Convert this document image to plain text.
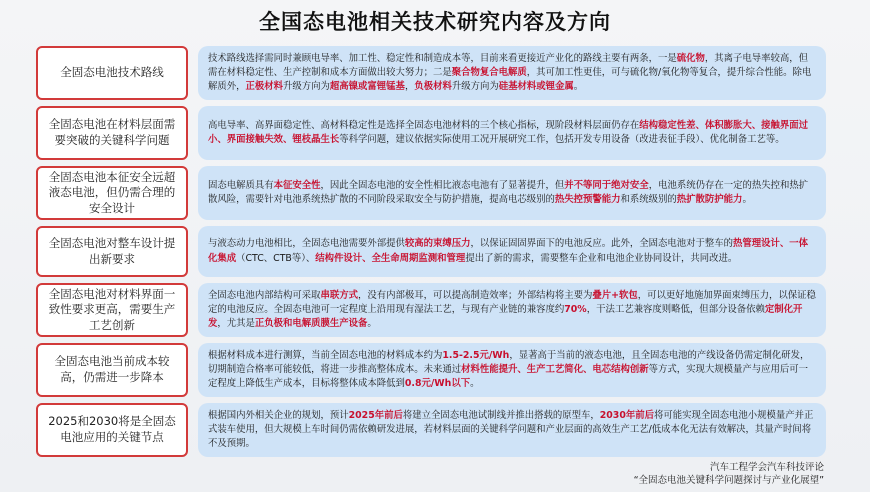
全国态电池相关技术研究内容及方向
全固态电池技术路线

技术路线选择需同时兼顾电导率、加工性、稳定性和制造成本等，目前来看更接近产业化的路线主要有两条，一是硫化物，其离子电导率较高，但需在材料稳定性、生产控制和成本方面做出较大努力；二是聚合物复合电解质，其可加工性更佳，可与硫化物/氧化物等复合，提升综合性能。除电解质外，正极材料升级方向为超高镍或富锂锰基，负极材料升级方向为硅基材料或锂金属。

全固态电池在材料层面需要突破的关键科学问题

高电导率、高界面稳定性、高材料稳定性是选择全固态电池材料的三个核心指标，现阶段材料层面仍存在结构稳定性差、体积膨胀大、接触界面过小、界面接触失效、锂枝晶生长等科学问题，建议依据实际使用工况开展研究工作，包括开发专用设备（改进表征手段）、优化制备工艺等。

全固态电池本征安全远超液态电池，但仍需合理的安全设计

固态电解质具有本征安全性，因此全固态电池的安全性相比液态电池有了显著提升，但并不等同于绝对安全，电池系统仍存在一定的热失控和热扩散风险，需要针对电池系统热扩散的不同阶段采取安全与防护措施，提高电芯级别的热失控预警能力和系统级别的热扩散防护能力。

全固态电池对整车设计提出新要求

与液态动力电池相比，全固态电池需要外部提供较高的束缚压力，以保证固固界面下的电池反应。此外，全固态电池对于整车的热管理设计、一体化集成（CTC、CTB等）、结构件设计、全生命周期监测和管理提出了新的需求，需要整车企业和电池企业协同设计，共同改进。

全固态电池对材料界面一致性要求更高，需要生产工艺创新

全固态电池内部结构可采取串联方式，没有内部极耳，可以提高制造效率；外部结构将主要为叠片+软包，可以更好地施加界面束缚压力，以保证稳定的电池反应。全固态电池可一定程度上沿用现有湿法工艺，与现有产业链的兼容度约70%，干法工艺兼容度则略低，但部分设备依赖定制化开发，尤其是正负极和电解质膜生产设备。

全固态电池当前成本较高，仍需进一步降本

根据材料成本进行测算，当前全固态电池的材料成本约为1.5-2.5元/Wh，显著高于当前的液态电池，且全固态电池的产线设备仍需定制化研发，切期制造合格率可能较低，将进一步推高整体成本。未来通过材料性能提升、生产工艺简化、电芯结构创新等方式，实现大规模量产与应用后可一定程度上降低生产成本，目标将整体成本降低到0.8元/Wh以下。

2025和2030将是全固态电池应用的关键节点

根据国内外相关企业的规划，预计2025年前后将建立全固态电池试制线并推出搭载的原型车，2030年前后将可能实现全固态电池小规模量产并正式装车使用，但大规模上车时间仍需依赖研发进展，若材料层面的关键科学问题和产业层面的高效生产工艺/低成本化无法有效解决，其量产时间将不及预期。

汽车工程学会汽车科技评论
“全固态电池关键科学问题探讨与产业化展望”
